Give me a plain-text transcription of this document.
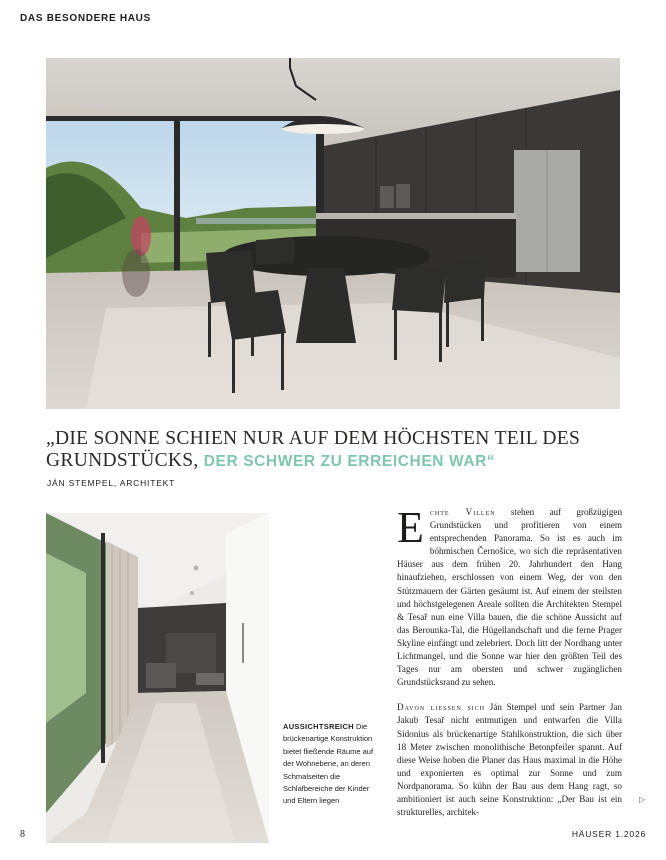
DAS BESONDERE HAUS
„DIE SONNE SCHIEN NUR AUF DEM HÖCHSTEN TEIL DES GRUNDSTÜCKS, DER SCHWER ZU ERREICHEN WAR“
JÁN STEMPEL, ARCHITEKT
AUSSICHTSREICH Die brückenartige Konstruktion bietet fließende Räume auf der Wohnebene, an deren Schmalseiten die Schlafbereiche der Kinder und Eltern liegen

Echte Villen stehen auf großzügigen Grundstücken und profitieren von einem entsprechenden Panorama. So ist es auch im böhmischen Černošice, wo sich die repräsentativen Häuser aus dem frühen 20. Jahrhundert den Hang hinaufziehen, erschlossen von einem Weg, der von den Stützmauern der Gärten gesäumt ist. Auf einem der steilsten und höchstgelegenen Areale sollten die Architekten Stempel & Tesař nun eine Villa bauen, die die schöne Aussicht auf das Berounka-Tal, die Hügellandschaft und die ferne Prager Skyline einfängt und zelebriert. Doch litt der Nordhang unter Lichtmangel, und die Sonne war hier den größten Teil des Tages nur am obersten und schwer zugänglichen Grundstücksrand zu sehen.

Davon liessen sich Ján Stempel und sein Partner Jan Jakub Tesař nicht entmutigen und entwarfen die Villa Sidonius als brückenartige Stahlkonstruktion, die sich über 18 Meter zwischen monolithische Betonpfeiler spannt. Auf diese Weise hoben die Planer das Haus maximal in die Höhe und exponierten es optimal zur Sonne und zum Nordpanorama. So kühn der Bau aus dem Hang ragt, so ambitioniert ist auch seine Konstruktion: „Der Bau ist ein strukturelles, architek-

▷
8	HÄUSER 1.2026
